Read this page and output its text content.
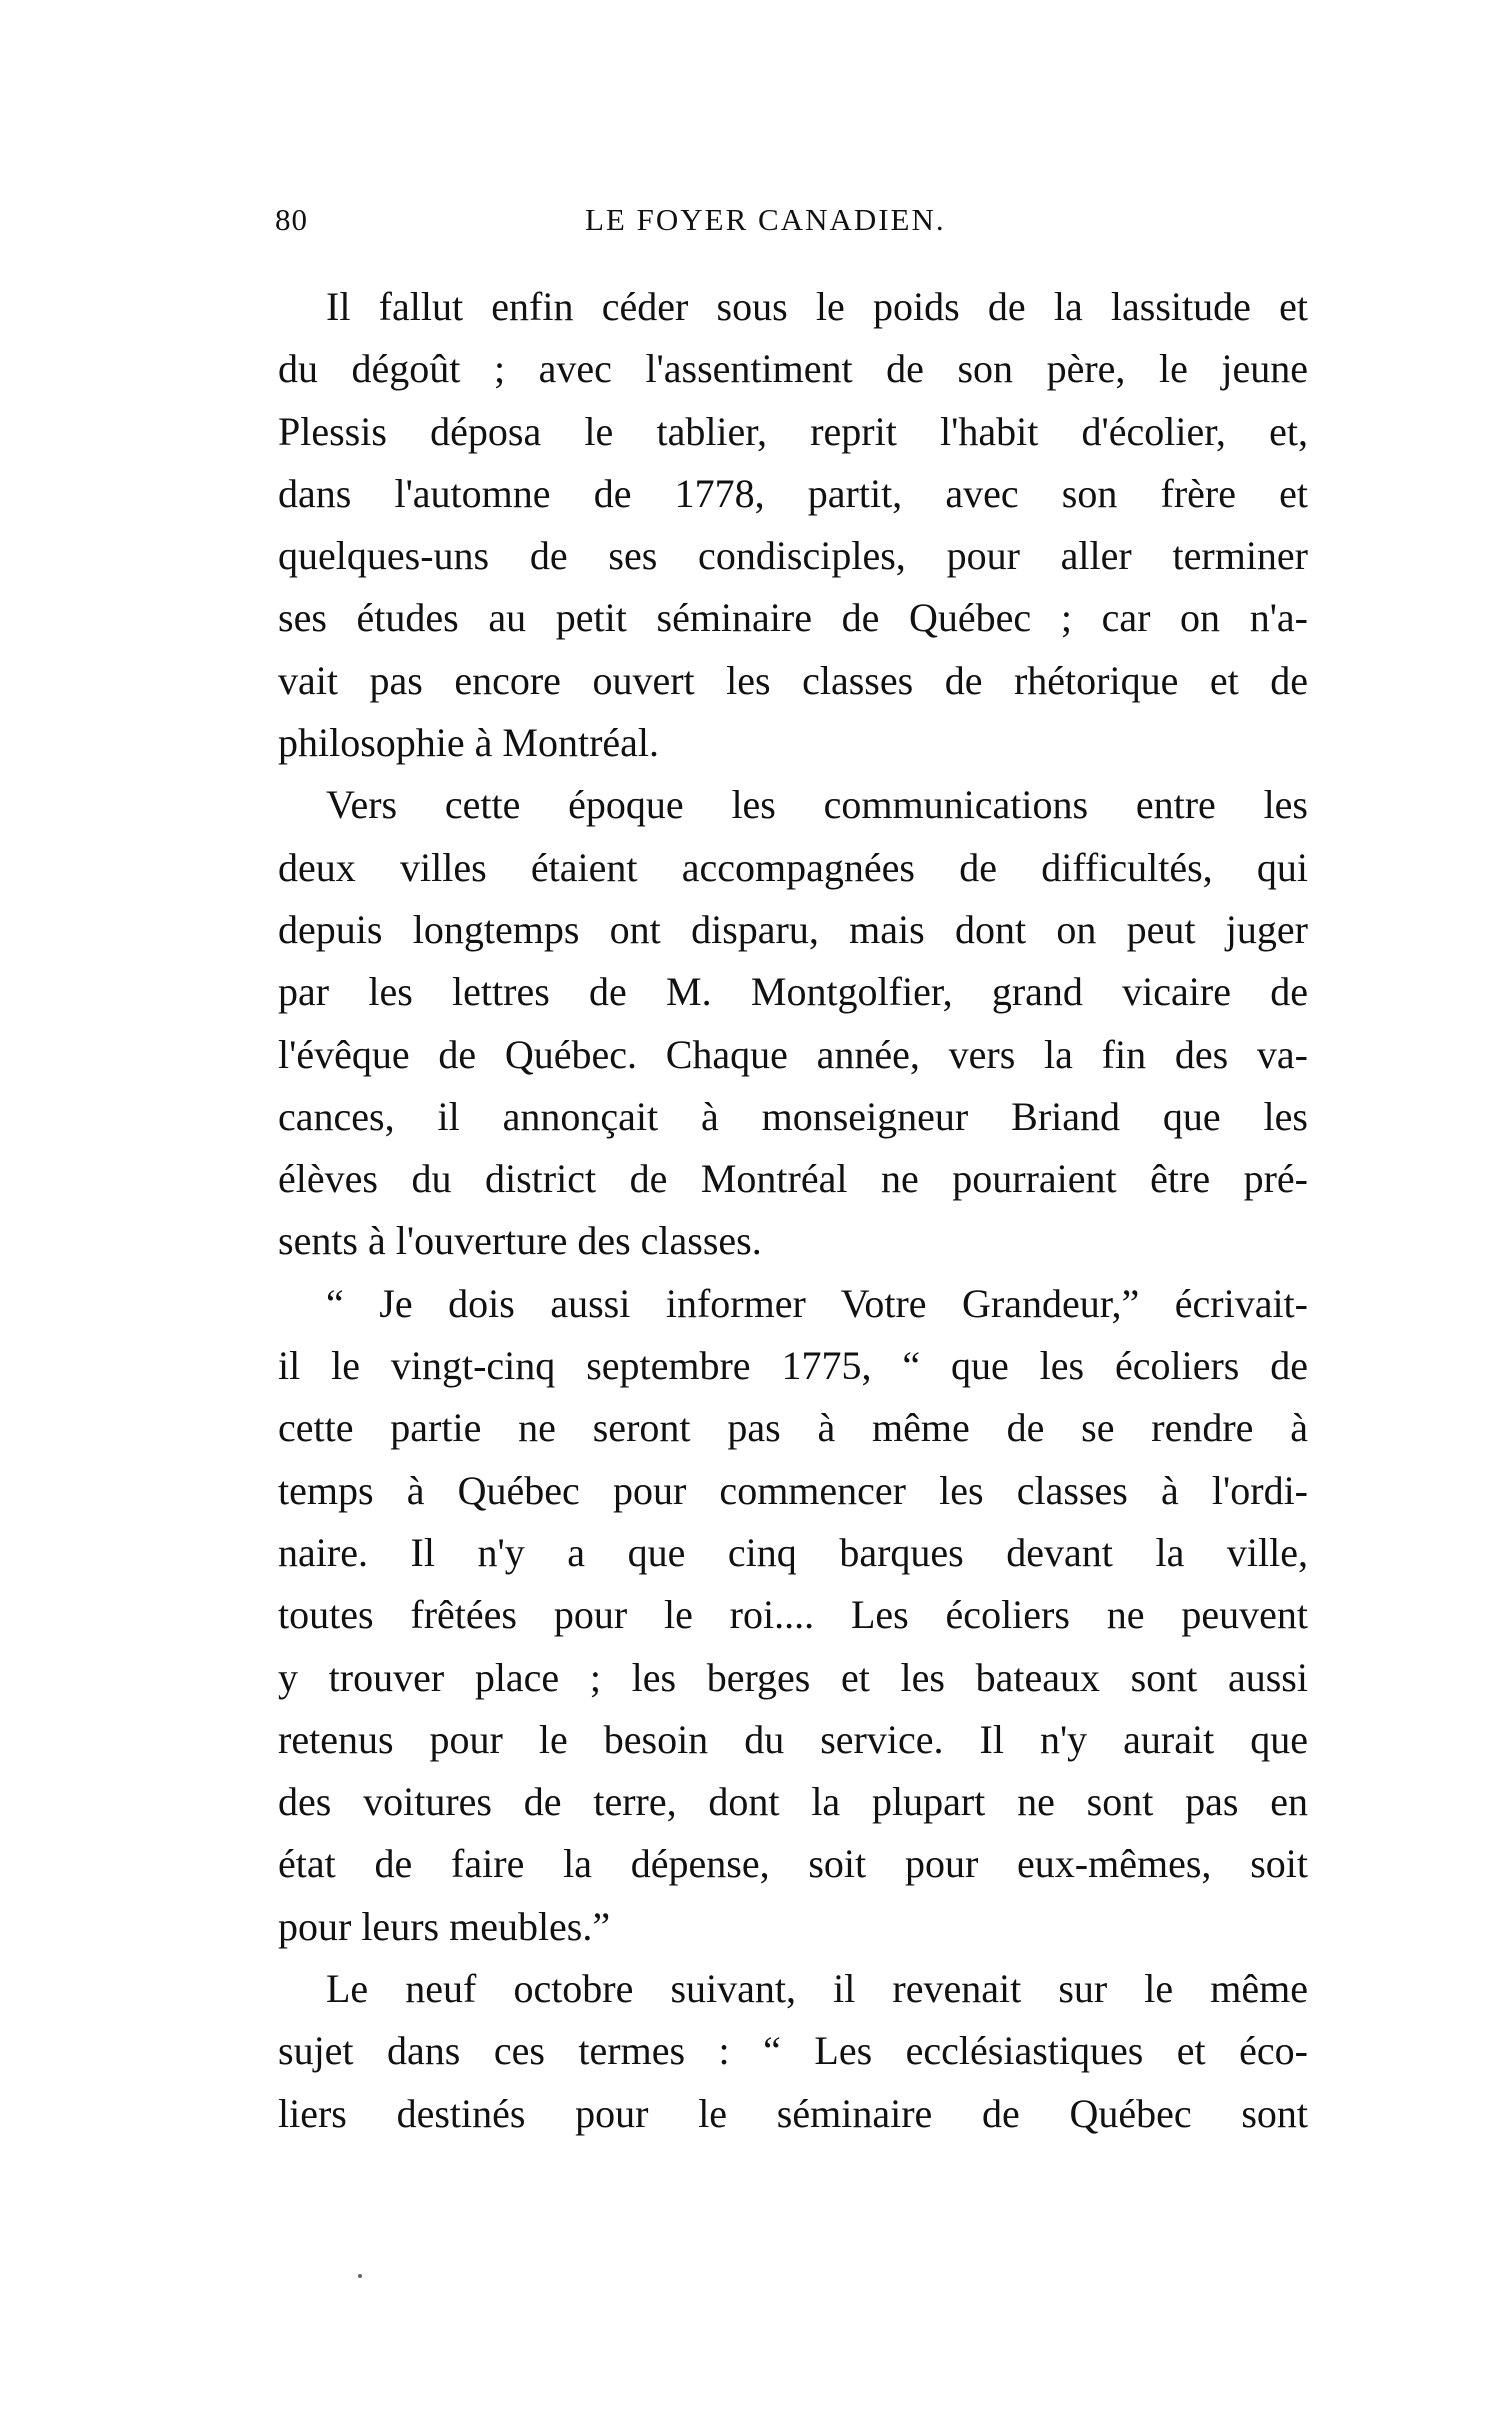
80	LE FOYER CANADIEN.
Il fallut enfin céder sous le poids de la lassitude et
du dégoût ; avec l'assentiment de son père, le jeune
Plessis déposa le tablier, reprit l'habit d'écolier, et,
dans l'automne de 1778, partit, avec son frère et
quelques-uns de ses condisciples, pour aller terminer
ses études au petit séminaire de Québec ; car on n'a-
vait pas encore ouvert les classes de rhétorique et de
philosophie à Montréal.
Vers cette époque les communications entre les
deux villes étaient accompagnées de difficultés, qui
depuis longtemps ont disparu, mais dont on peut juger
par les lettres de M. Montgolfier, grand vicaire de
l'évêque de Québec. Chaque année, vers la fin des va-
cances, il annonçait à monseigneur Briand que les
élèves du district de Montréal ne pourraient être pré-
sents à l'ouverture des classes.
“ Je dois aussi informer Votre Grandeur,” écrivait-
il le vingt-cinq septembre 1775, “ que les écoliers de
cette partie ne seront pas à même de se rendre à
temps à Québec pour commencer les classes à l'ordi-
naire. Il n'y a que cinq barques devant la ville,
toutes frêtées pour le roi.... Les écoliers ne peuvent
y trouver place ; les berges et les bateaux sont aussi
retenus pour le besoin du service. Il n'y aurait que
des voitures de terre, dont la plupart ne sont pas en
état de faire la dépense, soit pour eux-mêmes, soit
pour leurs meubles.”
Le neuf octobre suivant, il revenait sur le même
sujet dans ces termes : “ Les ecclésiastiques et éco-
liers destinés pour le séminaire de Québec sont
